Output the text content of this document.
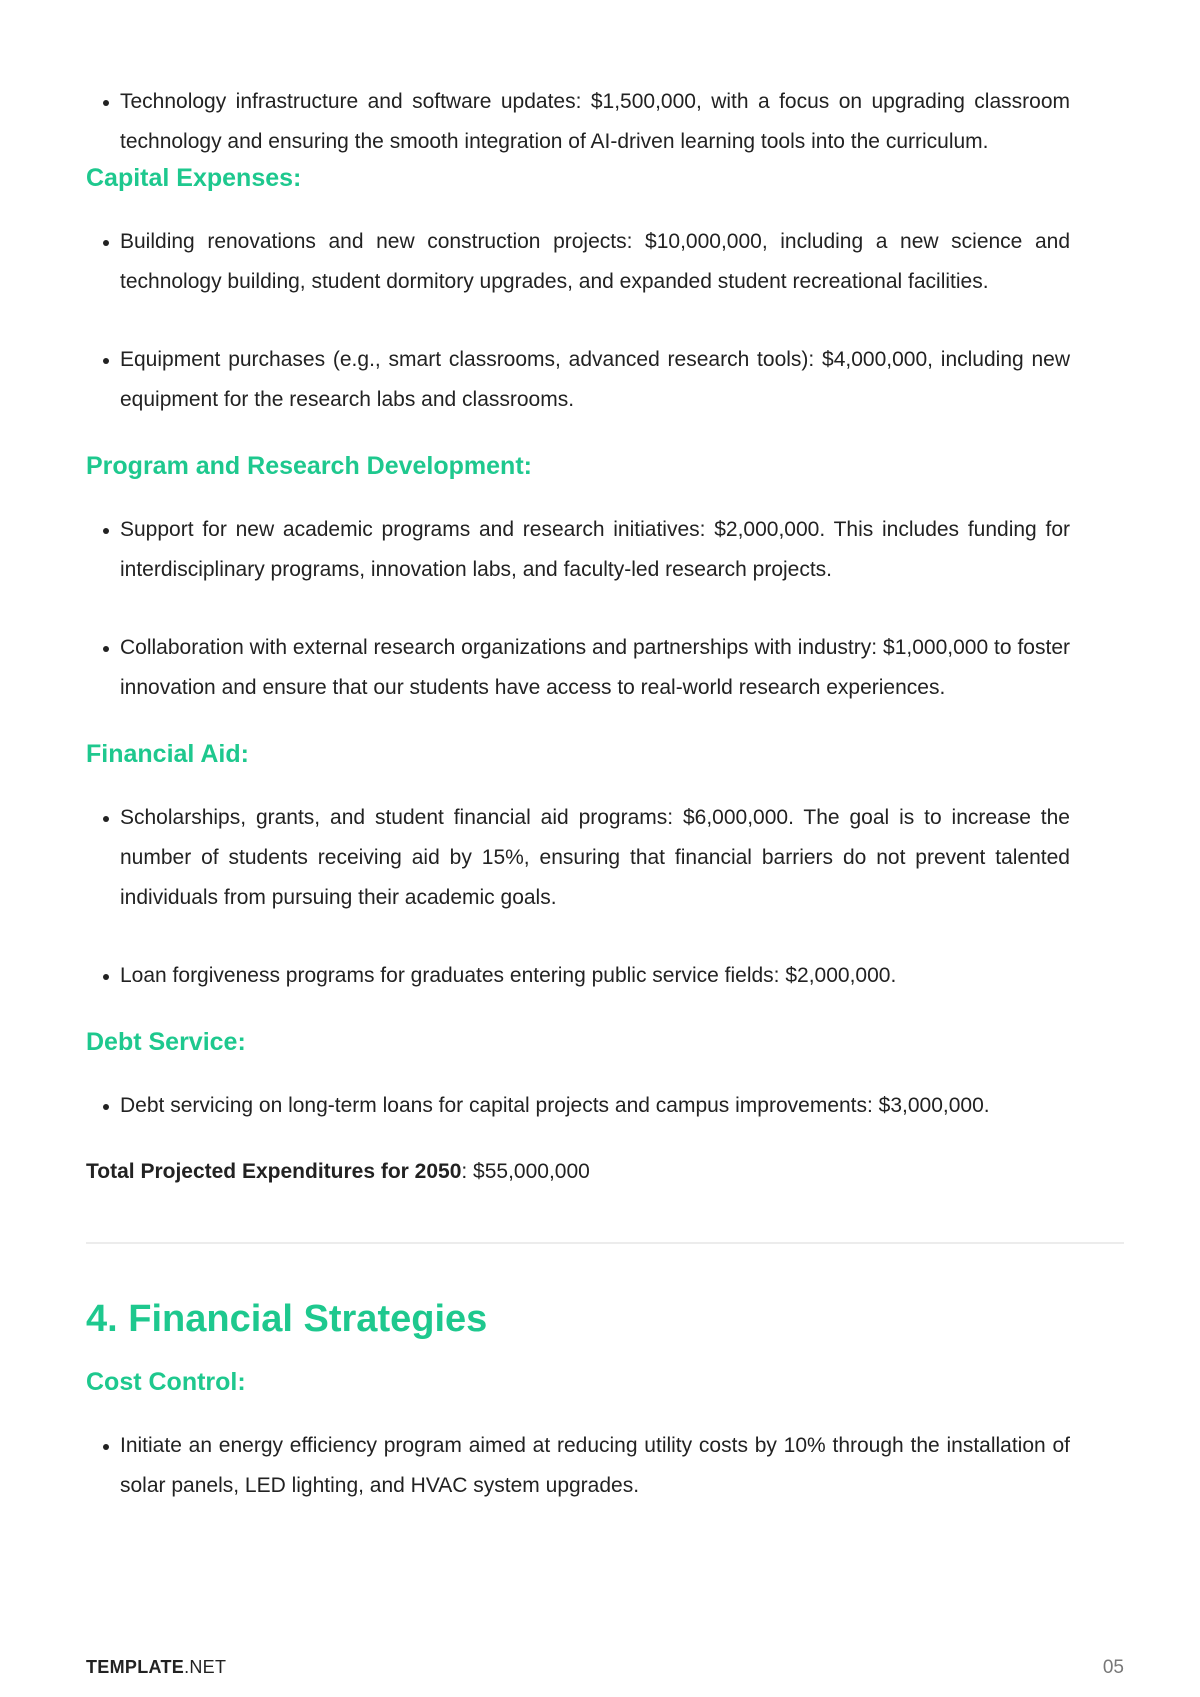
Technology infrastructure and software updates: $1,500,000, with a focus on upgrading classroom technology and ensuring the smooth integration of AI-driven learning tools into the curriculum.
Capital Expenses:
Building renovations and new construction projects: $10,000,000, including a new science and technology building, student dormitory upgrades, and expanded student recreational facilities.
Equipment purchases (e.g., smart classrooms, advanced research tools): $4,000,000, including new equipment for the research labs and classrooms.
Program and Research Development:
Support for new academic programs and research initiatives: $2,000,000. This includes funding for interdisciplinary programs, innovation labs, and faculty-led research projects.
Collaboration with external research organizations and partnerships with industry: $1,000,000 to foster innovation and ensure that our students have access to real-world research experiences.
Financial Aid:
Scholarships, grants, and student financial aid programs: $6,000,000. The goal is to increase the number of students receiving aid by 15%, ensuring that financial barriers do not prevent talented individuals from pursuing their academic goals.
Loan forgiveness programs for graduates entering public service fields: $2,000,000.
Debt Service:
Debt servicing on long-term loans for capital projects and campus improvements: $3,000,000.
Total Projected Expenditures for 2050: $55,000,000
4. Financial Strategies
Cost Control:
Initiate an energy efficiency program aimed at reducing utility costs by 10% through the installation of solar panels, LED lighting, and HVAC system upgrades.
TEMPLATE.NET	05
